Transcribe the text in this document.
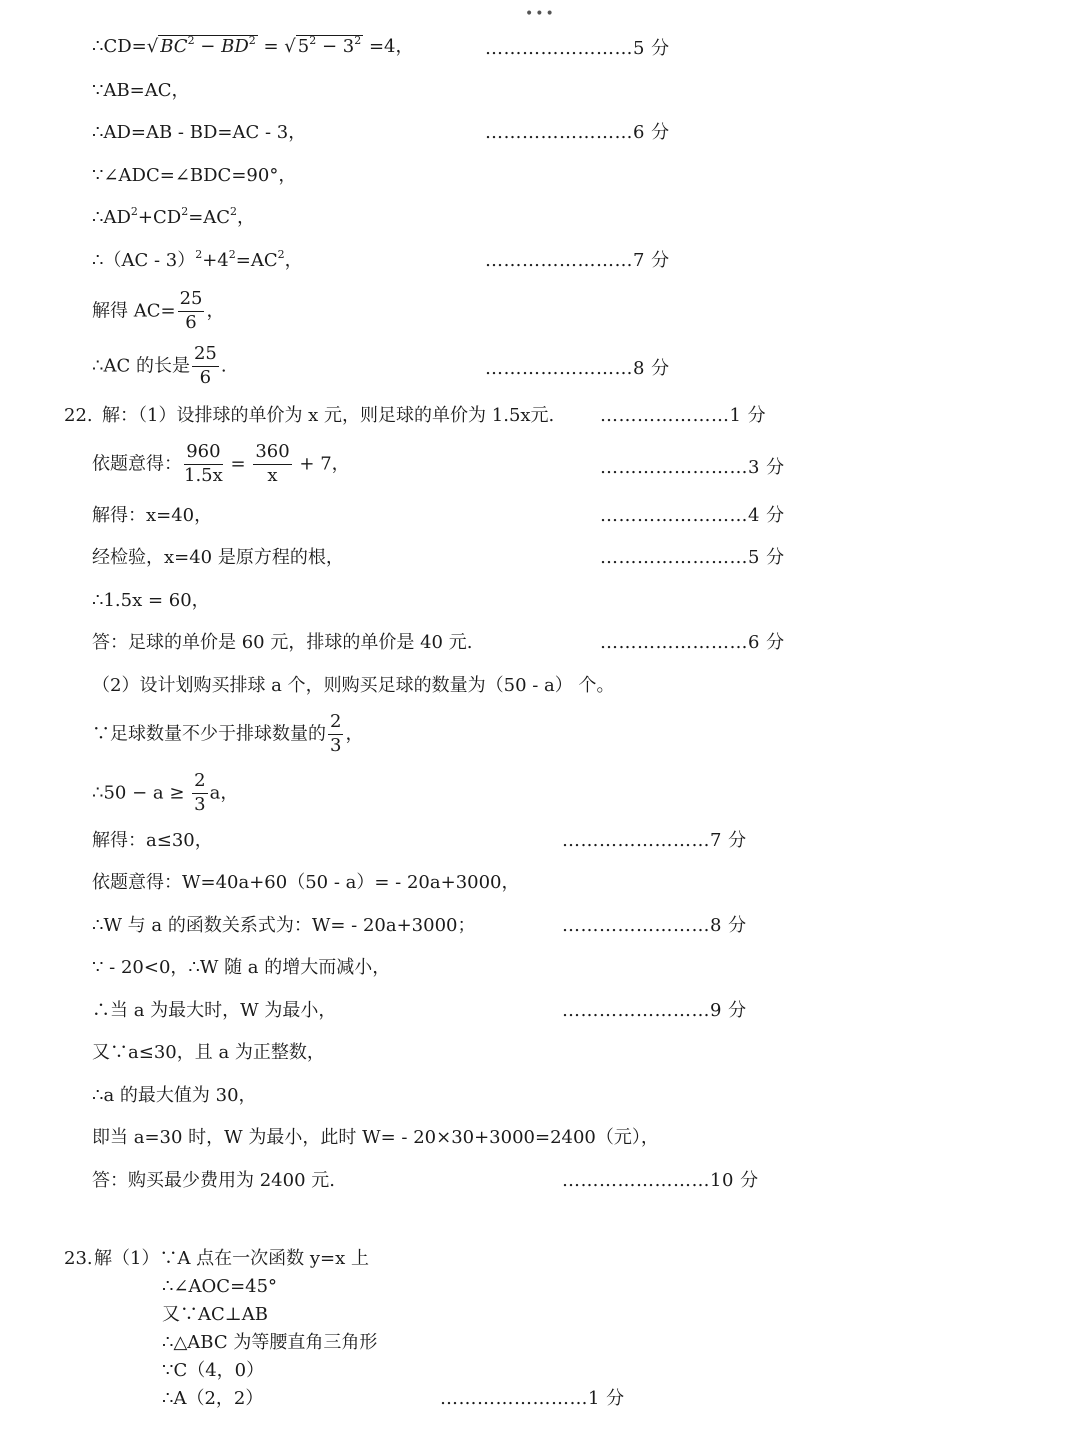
•••
∴CD=√ $BC^2 - BD^2$ = √ $5^2 - 3^2 =4$，	……………………5 分
∵AB=AC，
∴AD=AB - BD=AC - 3，	……………………6 分
∵∠ADC=∠BDC=90°，
$\therefore AD^2+CD^2=AC^2$，
∴（AC - $3)^2+4^2=AC^2$，	……………………7 分
解得 $AC= \frac{25}{6}$ ，
∴AC 的长是 $\frac{25}{6}$ .	……………………8 分
22. 解：（1）设排球的单价为 x 元，则足球的单价为 1.5x元.	…………………1 分
依题意得： $\frac{960}{1.5x} = \frac{360}{x} + 7$，	……………………3 分
解得：x=40，	……………………4 分
经检验，x=40 是原方程的根，	……………………5 分
∴1.5x = 60，
答：足球的单价是 60 元，排球的单价是 40 元.	……………………6 分
（2）设计划购买排球 a 个，则购买足球的数量为（50 - a） 个。
∵足球数量不少于排球数量的 $\frac{2}{3}$ ，
∴50 − $a \ge \frac{2}{3}$ a，
解得：a≤30，	……………………7 分
依题意得：W=40a+60（50 - a）= - 20a+3000，
∴W 与 a 的函数关系式为：W= - 20a+3000；	……………………8 分
∵ - 20<0，∴W 随 a 的增大而减小，
∴当 a 为最大时，W 为最小，	……………………9 分
又∵a≤30，且 a 为正整数，
∴a 的最大值为 30，
即当 a=30 时，W 为最小，此时 W= - 20×30+3000=2400（元），
答：购买最少费用为 2400 元.	……………………10 分
23. 解（1）∵A 点在一次函数 y=x 上
∴∠AOC=45°
又∵AC⊥AB
∴△ABC 为等腰直角三角形
∵C（4，0）
∴A（2，2）	……………………1 分
